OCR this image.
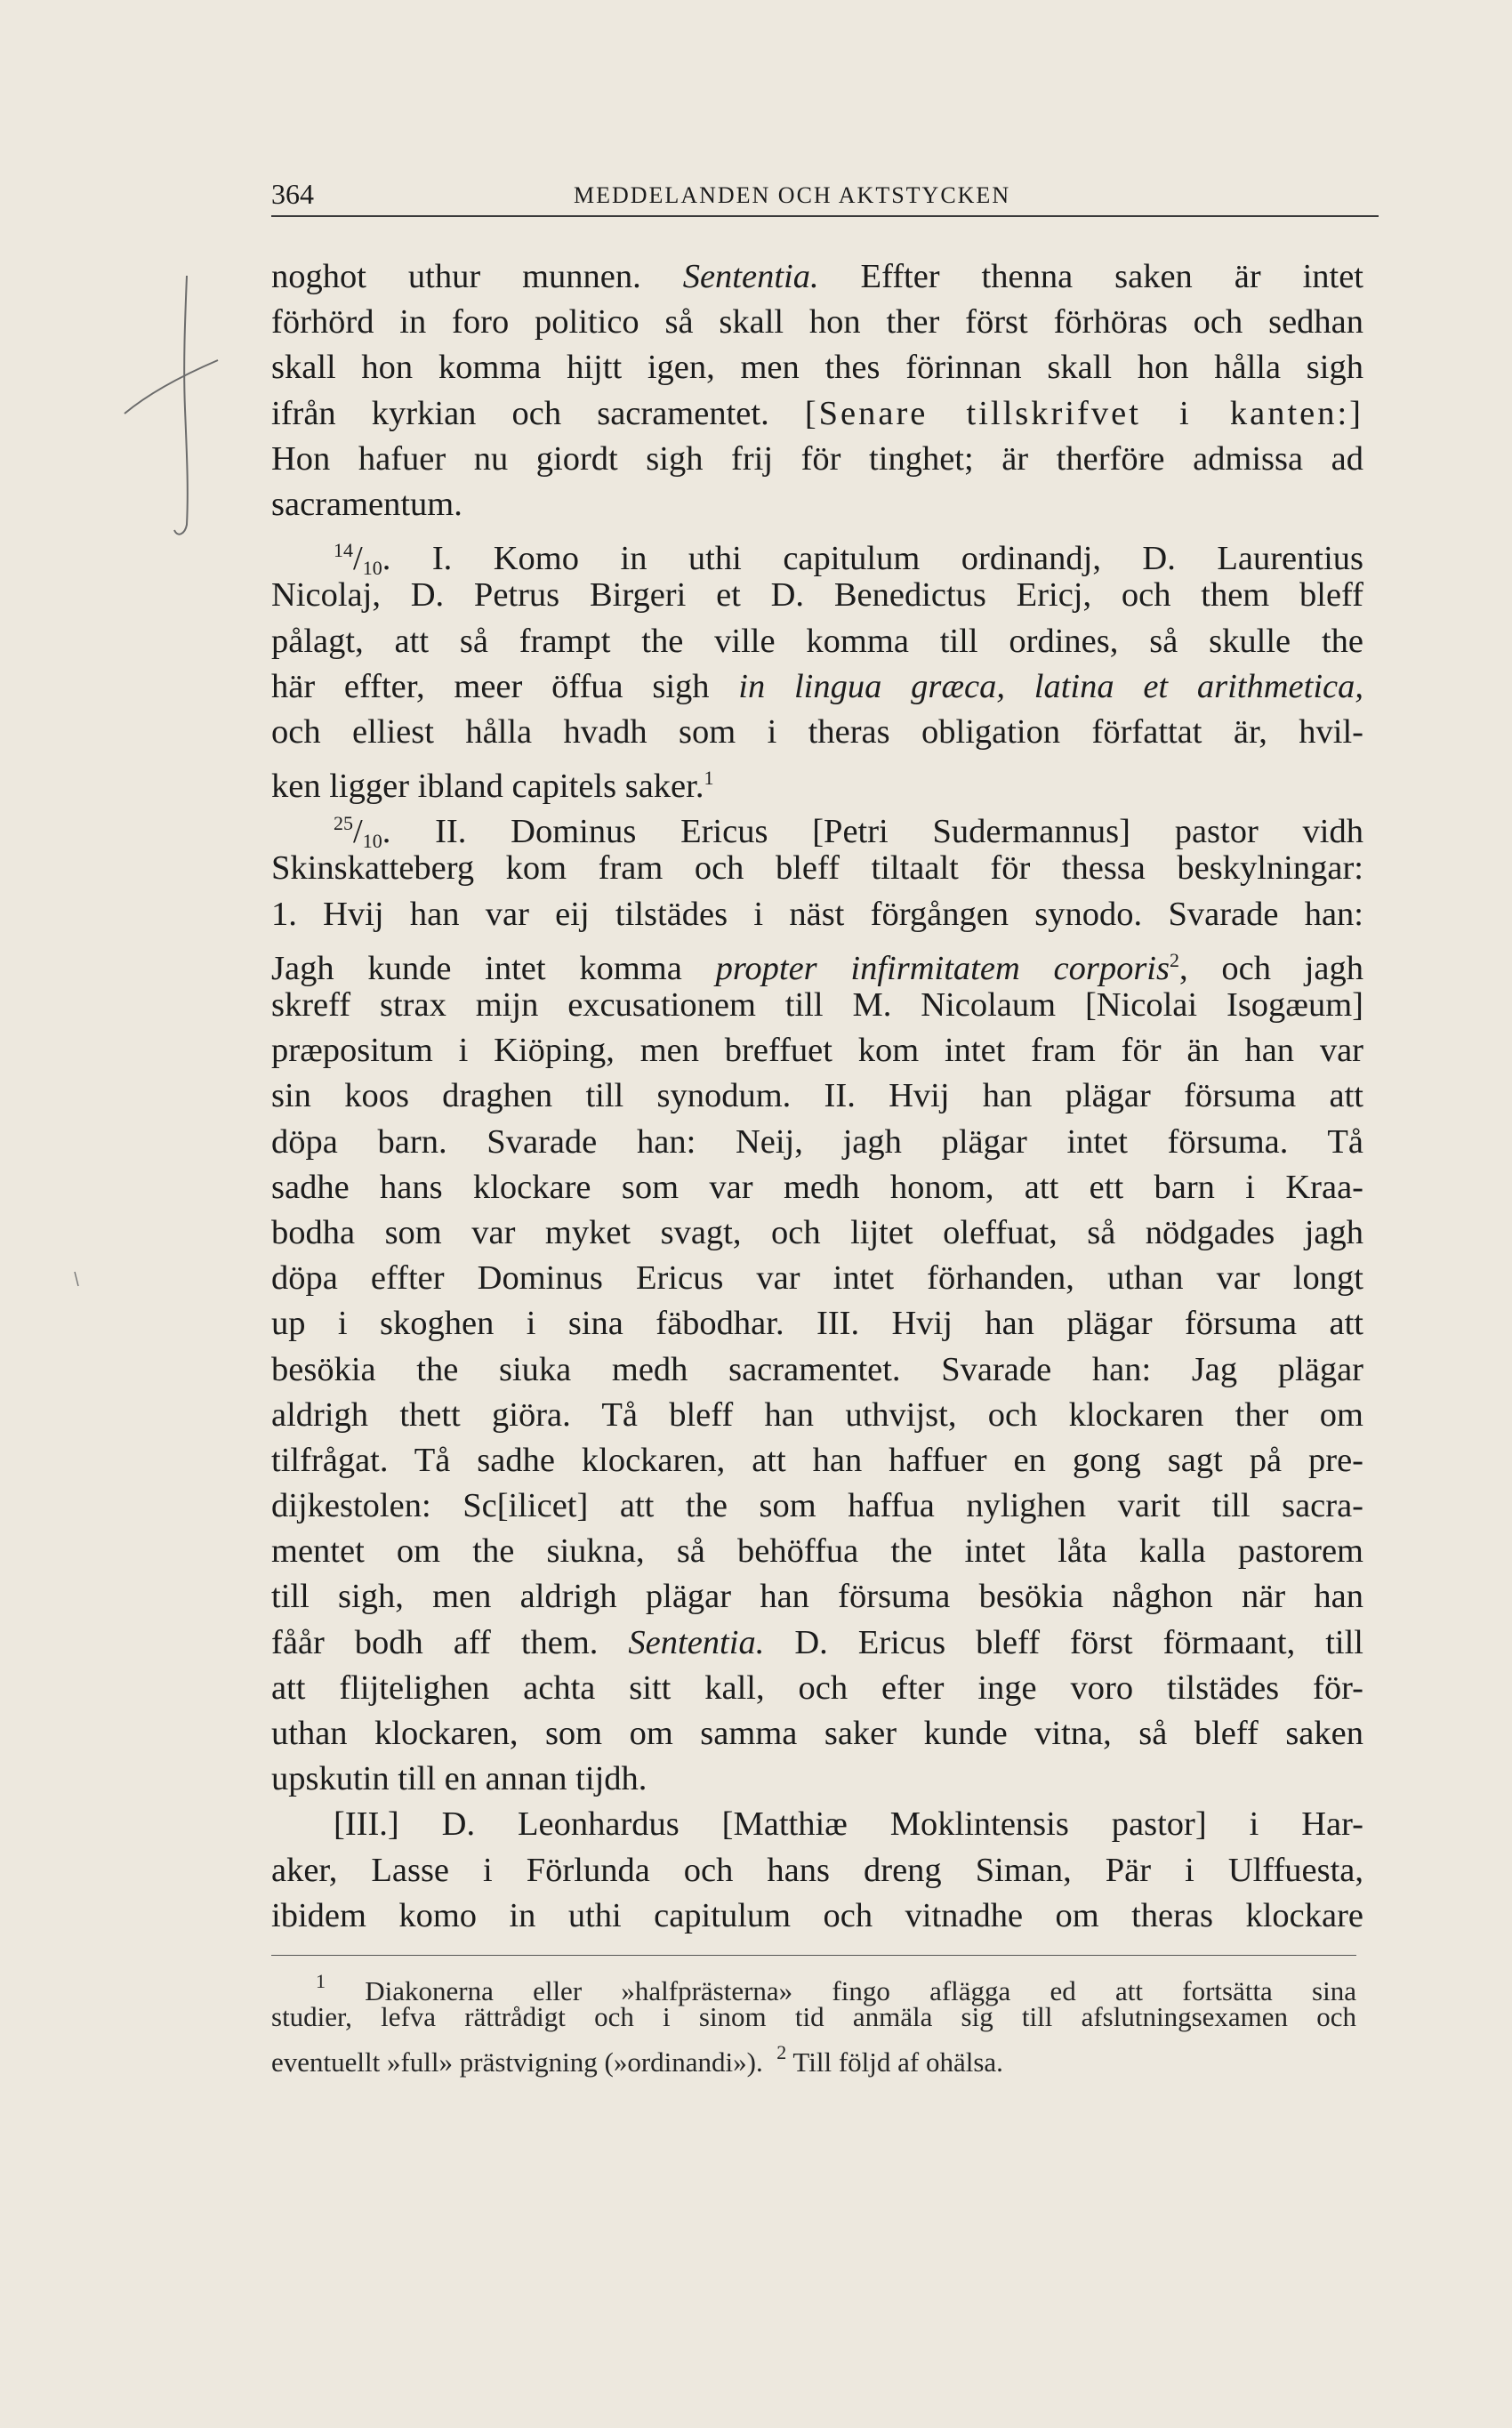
364	MEDDELANDEN OCH AKTSTYCKEN
noghot uthur munnen. Sententia. Effter thenna saken är intet
förhörd in foro politico så skall hon ther först förhöras och sedhan
skall hon komma hijtt igen, men thes förinnan skall hon hålla sigh
ifrån kyrkian och sacramentet. [Senare tillskrifvet i kanten:]
Hon hafuer nu giordt sigh frij för tinghet; är therföre admissa ad
sacramentum.
$^{14}/_{10}$. I. Komo in uthi capitulum ordinandj, D. Laurentius
Nicolaj, D. Petrus Birgeri et D. Benedictus Ericj, och them bleff
pålagt, att så frampt the ville komma till ordines, så skulle the
här effter, meer öffua sigh in lingua græca, latina et arithmetica,
och elliest hålla hvadh som i theras obligation författat är, hvil-
ken ligger ibland capitels saker.$^1$
$^{25}/_{10}$. II. Dominus Ericus [Petri Sudermannus] pastor vidh
Skinskatteberg kom fram och bleff tiltaalt för thessa beskylningar:
1. Hvij han var eij tilstädes i näst förgången synodo. Svarade han:
Jagh kunde intet komma propter infirmitatem corporis$^2$, och jagh
skreff strax mijn excusationem till M. Nicolaum [Nicolai Isogæum]
præpositum i Kiöping, men breffuet kom intet fram för än han var
sin koos draghen till synodum. II. Hvij han plägar försuma att
döpa barn. Svarade han: Neij, jagh plägar intet försuma. Tå
sadhe hans klockare som var medh honom, att ett barn i Kraa-
bodha som var myket svagt, och lijtet oleffuat, så nödgades jagh
döpa effter Dominus Ericus var intet förhanden, uthan var longt
up i skoghen i sina fäbodhar. III. Hvij han plägar försuma att
besökia the siuka medh sacramentet. Svarade han: Jag plägar
aldrigh thett giöra. Tå bleff han uthvijst, och klockaren ther om
tilfrågat. Tå sadhe klockaren, att han haffuer en gong sagt på pre-
dijkestolen: Sc[ilicet] att the som haffua nylighen varit till sacra-
mentet om the siukna, så behöffua the intet låta kalla pastorem
till sigh, men aldrigh plägar han försuma besökia någhon när han
fåår bodh aff them. Sententia. D. Ericus bleff först förmaant, till
att flijtelighen achta sitt kall, och efter inge voro tilstädes för-
uthan klockaren, som om samma saker kunde vitna, så bleff saken
upskutin till en annan tijdh.
[III.] D. Leonhardus [Matthiæ Moklintensis pastor] i Har-
aker, Lasse i Förlunda och hans dreng Siman, Pär i Ulffuesta,
ibidem komo in uthi capitulum och vitnadhe om theras klockare
$^1$ Diakonerna eller »halfprästerna» fingo aflägga ed att fortsätta sina
studier, lefva rättrådigt och i sinom tid anmäla sig till afslutningsexamen och
eventuellt »full» prästvigning (»ordinandi»). $^2$ Till följd af ohälsa.
